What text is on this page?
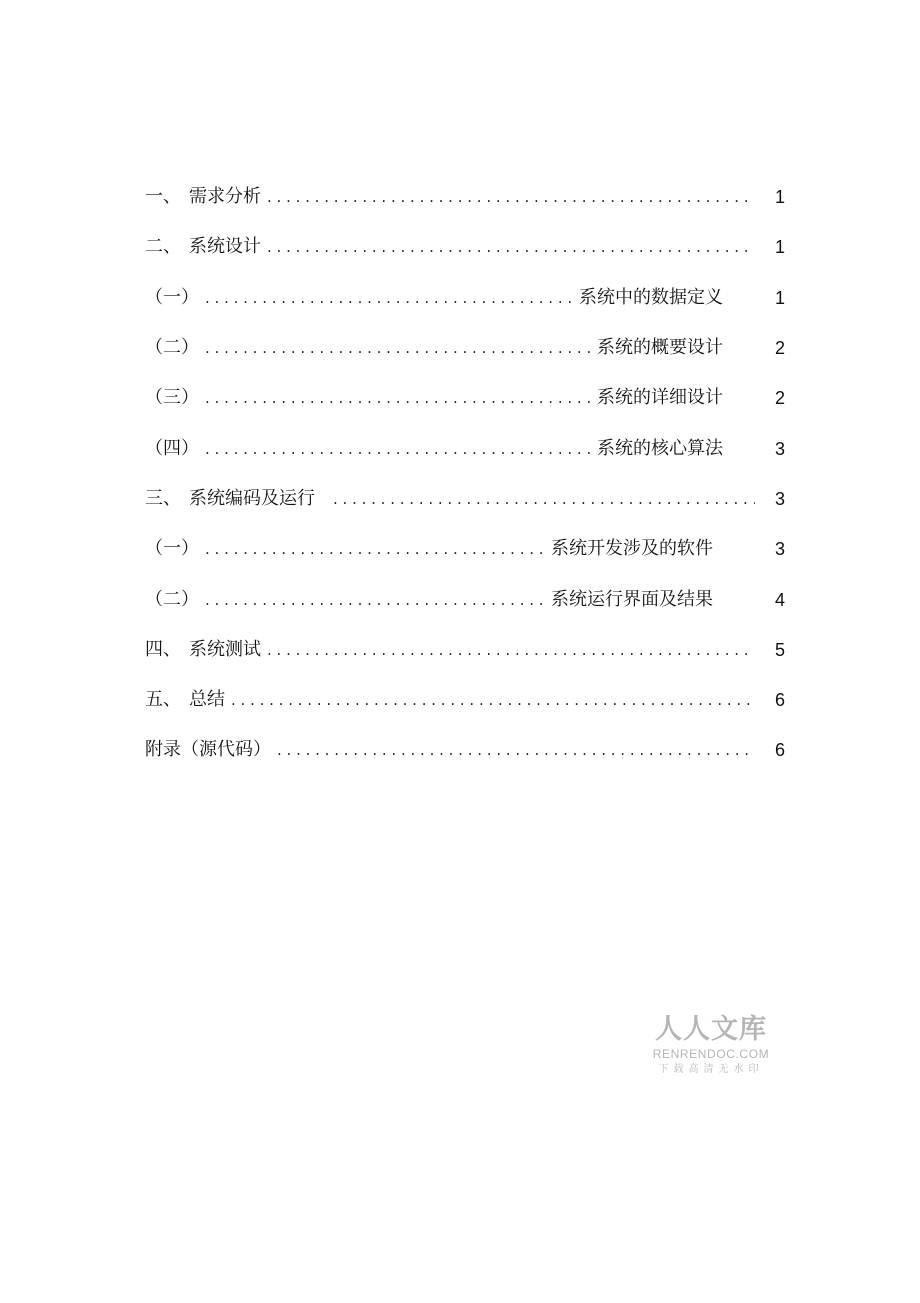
一、 需求分析 . . .	1
二、 系统设计 . . .	1
（一） . . .	系统中的数据定义	1
（二） . . .	系统的概要设计	2
（三） . . .	系统的详细设计	2
（四） . . .	系统的核心算法	3
三、 系统编码及运行 . . .	3
（一） . . .	系统开发涉及的软件	3
（二） . . .	系统运行界面及结果	4
四、 系统测试 . . .	5
五、 总结 . . .	6
附录（源代码） . . .	6
人人文库
RENRENDOC.COM
下载高清无水印
